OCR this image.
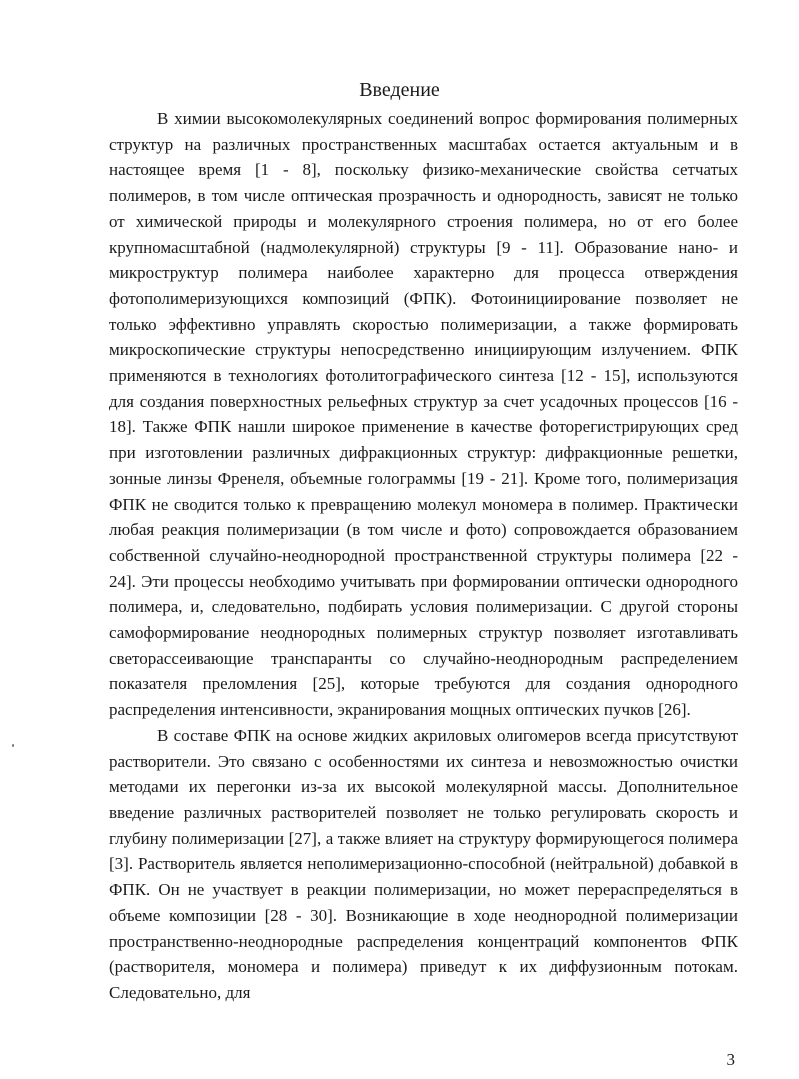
Введение

В химии высокомолекулярных соединений вопрос формирования полимерных структур на различных пространственных масштабах остается актуальным и в настоящее время [1 - 8], поскольку физико-механические свойства сетчатых полимеров, в том числе оптическая прозрачность и однородность, зависят не только от химической природы и молекулярного строения полимера, но от его более крупномасштабной (надмолекулярной) структуры [9 - 11]. Образование нано- и микроструктур полимера наиболее характерно для процесса отверждения фотополимеризующихся композиций (ФПК). Фотоинициирование позволяет не только эффективно управлять скоростью полимеризации, а также формировать микроскопические структуры непосредственно инициирующим излучением. ФПК применяются в технологиях фотолитографического синтеза [12 - 15], используются для создания поверхностных рельефных структур за счет усадочных процессов [16 - 18]. Также ФПК нашли широкое применение в качестве фоторегистрирующих сред при изготовлении различных дифракционных структур: дифракционные решетки, зонные линзы Френеля, объемные голограммы [19 - 21]. Кроме того, полимеризация ФПК не сводится только к превращению молекул мономера в полимер. Практически любая реакция полимеризации (в том числе и фото) сопровождается образованием собственной случайно-неоднородной пространственной структуры полимера [22 - 24]. Эти процессы необходимо учитывать при формировании оптически однородного полимера, и, следовательно, подбирать условия полимеризации. С другой стороны самоформирование неоднородных полимерных структур позволяет изготавливать светорассеивающие транспаранты со случайно-неоднородным распределением показателя преломления [25], которые требуются для создания однородного распределения интенсивности, экранирования мощных оптических пучков [26].

В составе ФПК на основе жидких акриловых олигомеров всегда присутствуют растворители. Это связано с особенностями их синтеза и невозможностью очистки методами их перегонки из-за их высокой молекулярной массы. Дополнительное введение различных растворителей позволяет не только регулировать скорость и глубину полимеризации [27], а также влияет на структуру формирующегося полимера [3]. Растворитель является неполимеризационно-способной (нейтральной) добавкой в ФПК. Он не участвует в реакции полимеризации, но может перераспределяться в объеме композиции [28 - 30]. Возникающие в ходе неоднородной полимеризации пространственно-неоднородные распределения концентраций компонентов ФПК (растворителя, мономера и полимера) приведут к их диффузионным потокам. Следовательно, для

3
